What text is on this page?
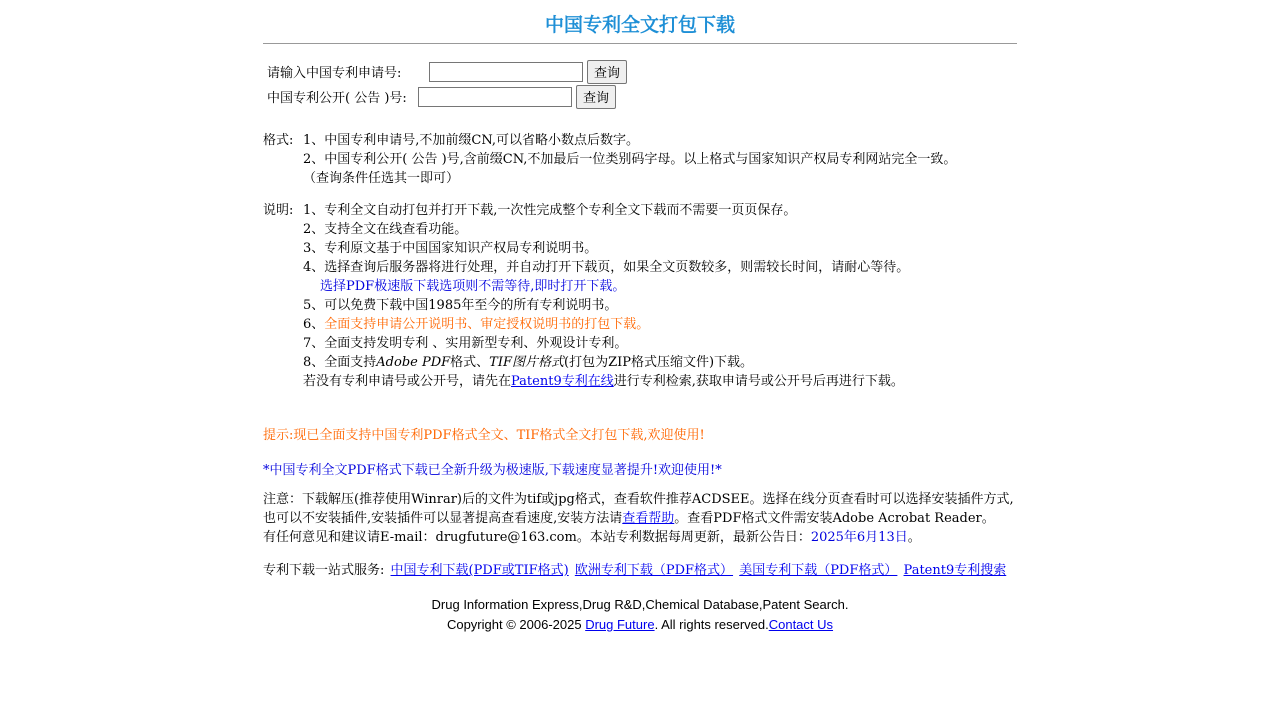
中国专利全文打包下载
请输入中国专利申请号:	查询
中国专利公开( 公告 )号:	查询
格式: 1、中国专利申请号,不加前缀CN,可以省略小数点后数字。
2、中国专利公开( 公告 )号,含前缀CN,不加最后一位类别码字母。以上格式与国家知识产权局专利网站完全一致。
（查询条件任选其一即可）
说明: 1、专利全文自动打包并打开下载,一次性完成整个专利全文下载而不需要一页页保存。
2、支持全文在线查看功能。
3、专利原文基于中国国家知识产权局专利说明书。
4、选择查询后服务器将进行处理，并自动打开下载页，如果全文页数较多，则需较长时间，请耐心等待。
选择PDF极速版下载选项则不需等待,即时打开下载。
5、可以免费下载中国1985年至今的所有专利说明书。
6、全面支持申请公开说明书、审定授权说明书的打包下载。
7、全面支持发明专利 、实用新型专利、外观设计专利。
8、全面支持Adobe PDF格式、TIF图片格式(打包为ZIP格式压缩文件)下载。
若没有专利申请号或公开号，请先在Patent9专利在线进行专利检索,获取申请号或公开号后再进行下载。
提示:现已全面支持中国专利PDF格式全文、TIF格式全文打包下载,欢迎使用!
*中国专利全文PDF格式下载已全新升级为极速版,下载速度显著提升!欢迎使用!*
注意：下载解压(推荐使用Winrar)后的文件为tif或jpg格式，查看软件推荐ACDSEE。选择在线分页查看时可以选择安装插件方式,
也可以不安装插件,安装插件可以显著提高查看速度,安装方法请查看帮助。查看PDF格式文件需安装Adobe Acrobat Reader。
有任何意见和建议请E-mail：drugfuture@163.com。本站专利数据每周更新，最新公告日：2025年6月13日。
专利下载一站式服务: 中国专利下载(PDF或TIF格式) 欧洲专利下载（PDF格式） 美国专利下载（PDF格式） Patent9专利搜索
Drug Information Express,Drug R&D,Chemical Database,Patent Search.
Copyright © 2006-2025 Drug Future. All rights reserved.Contact Us
